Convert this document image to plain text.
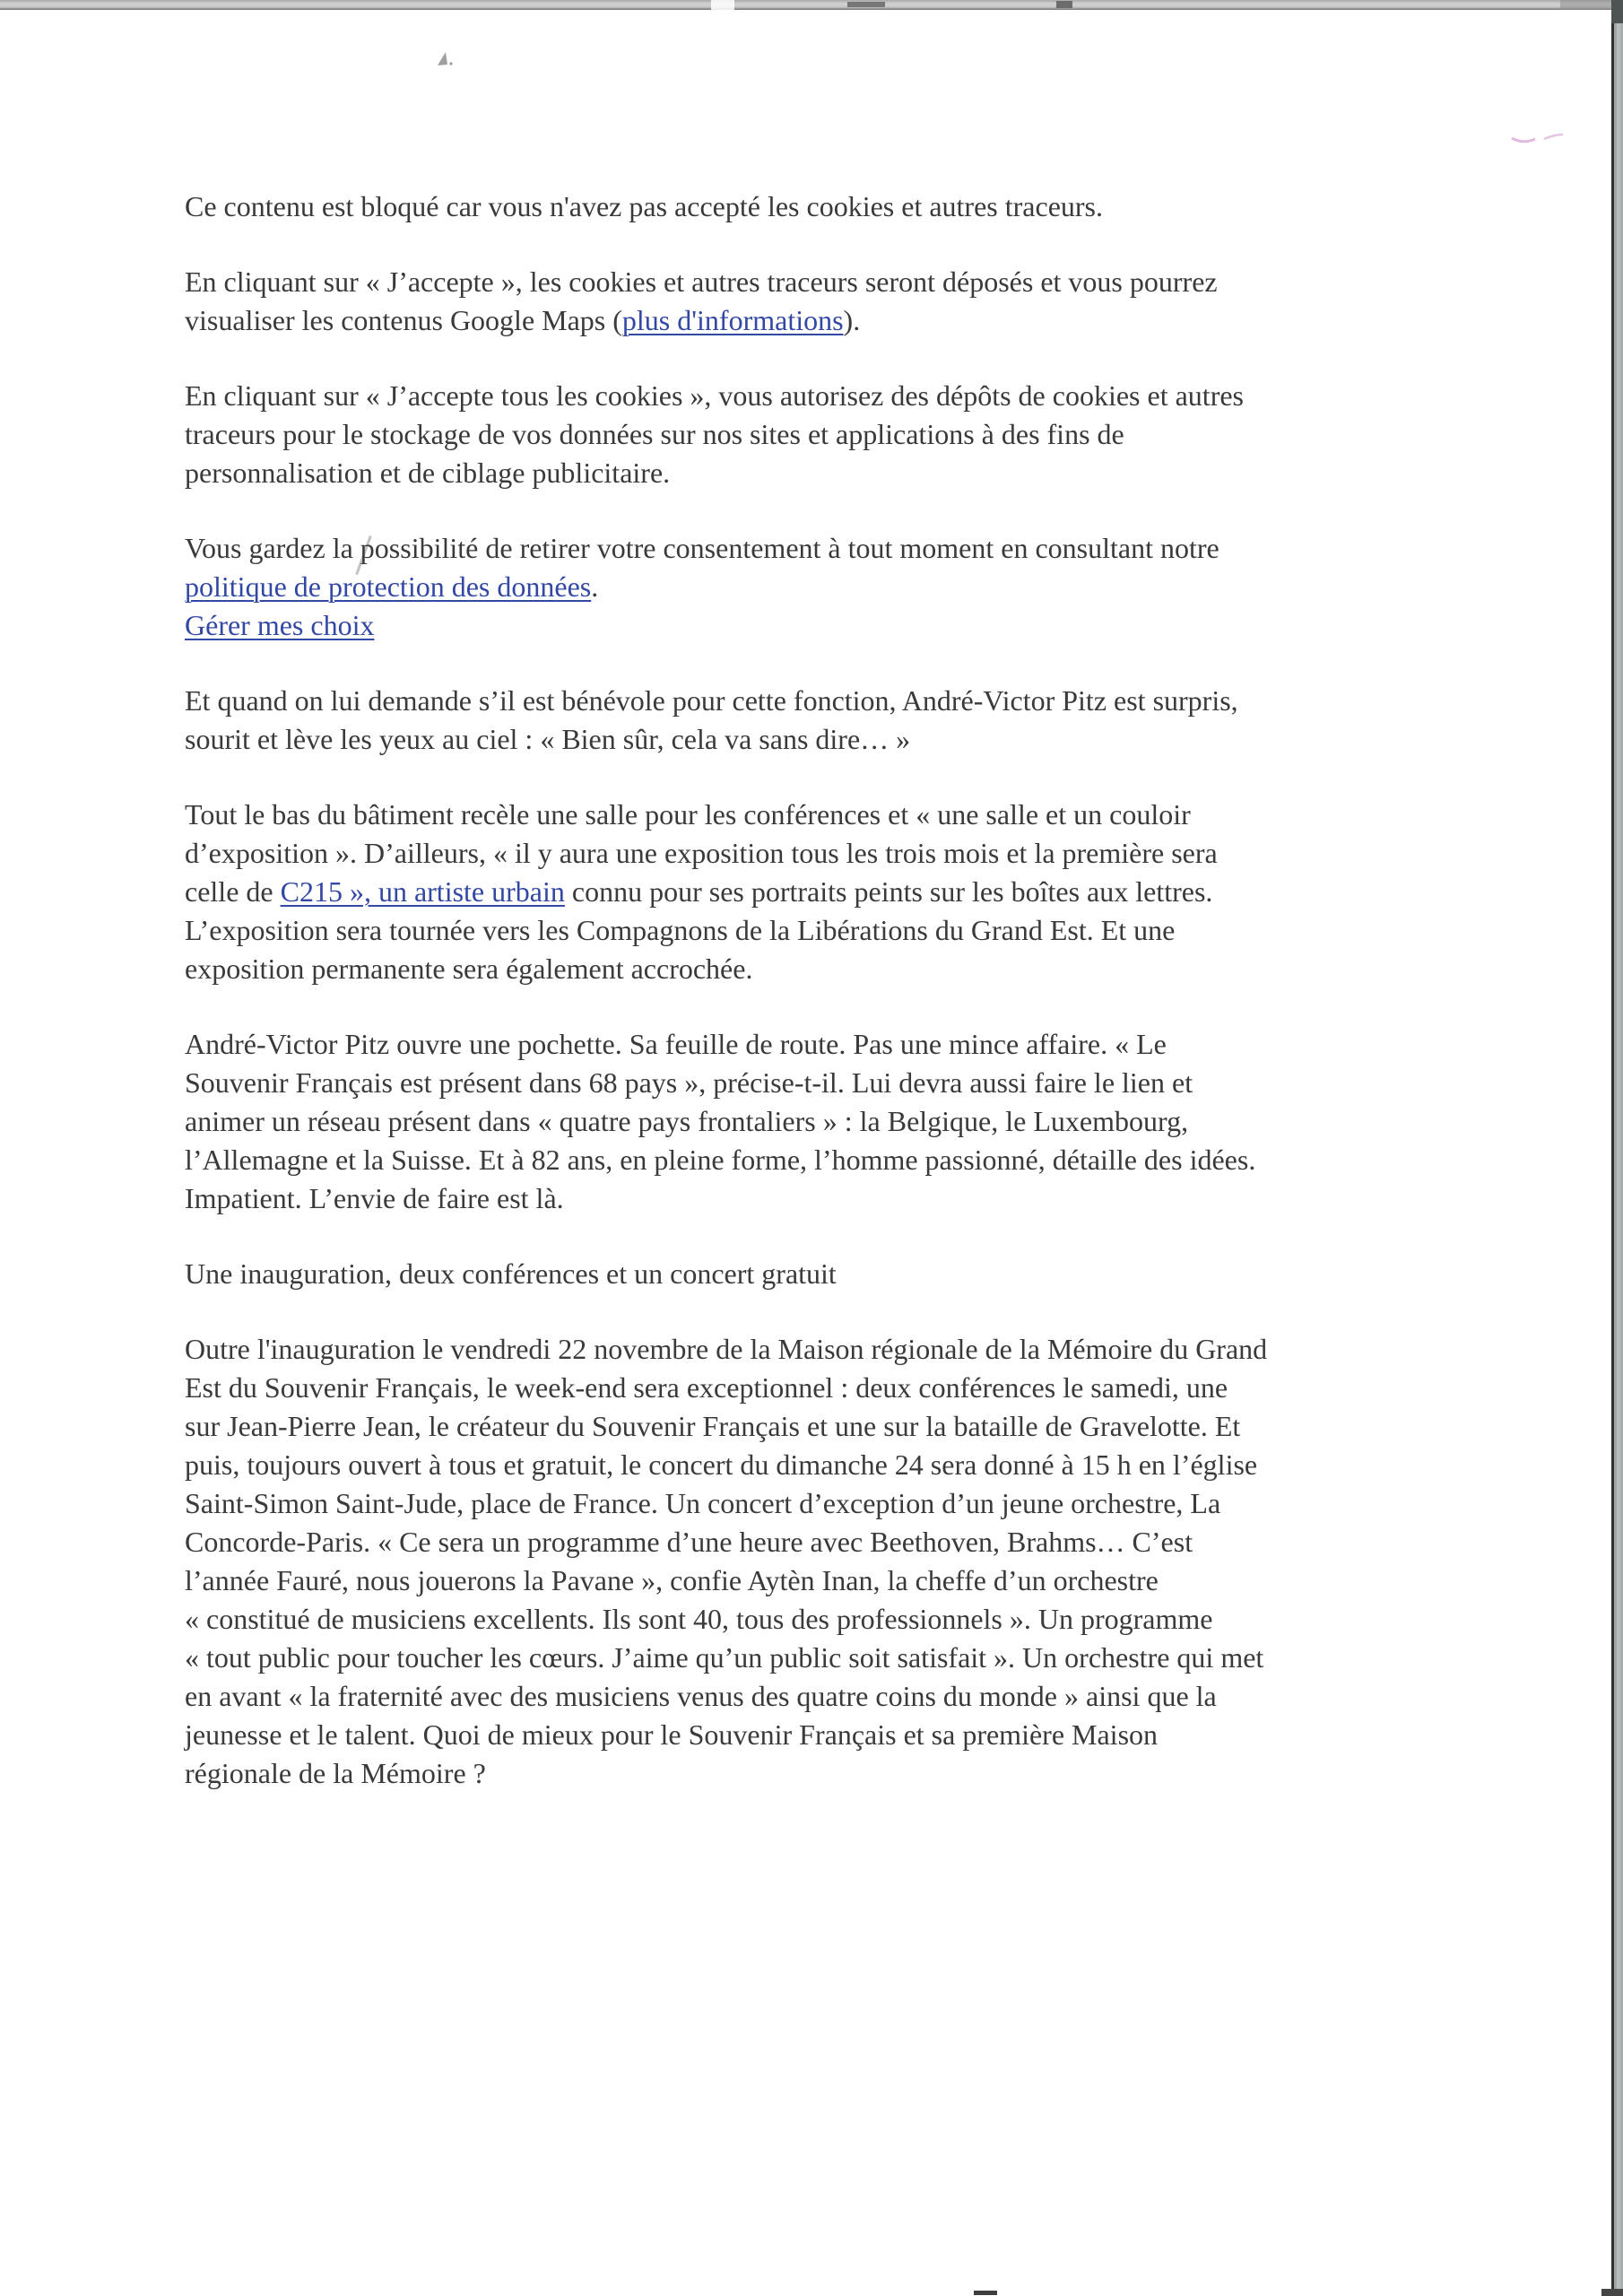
Ce contenu est bloqué car vous n'avez pas accepté les cookies et autres traceurs.

En cliquant sur « J’accepte », les cookies et autres traceurs seront déposés et vous pourrez
visualiser les contenus Google Maps (plus d'informations).

En cliquant sur « J’accepte tous les cookies », vous autorisez des dépôts de cookies et autres
traceurs pour le stockage de vos données sur nos sites et applications à des fins de
personnalisation et de ciblage publicitaire.

Vous gardez la possibilité de retirer votre consentement à tout moment en consultant notre
politique de protection des données.
Gérer mes choix

Et quand on lui demande s’il est bénévole pour cette fonction, André-Victor Pitz est surpris,
sourit et lève les yeux au ciel : « Bien sûr, cela va sans dire… »

Tout le bas du bâtiment recèle une salle pour les conférences et « une salle et un couloir
d’exposition ». D’ailleurs, « il y aura une exposition tous les trois mois et la première sera
celle de C215 », un artiste urbain connu pour ses portraits peints sur les boîtes aux lettres.
L’exposition sera tournée vers les Compagnons de la Libérations du Grand Est. Et une
exposition permanente sera également accrochée.

André-Victor Pitz ouvre une pochette. Sa feuille de route. Pas une mince affaire. « Le
Souvenir Français est présent dans 68 pays », précise-t-il. Lui devra aussi faire le lien et
animer un réseau présent dans « quatre pays frontaliers » : la Belgique, le Luxembourg,
l’Allemagne et la Suisse. Et à 82 ans, en pleine forme, l’homme passionné, détaille des idées.
Impatient. L’envie de faire est là.

Une inauguration, deux conférences et un concert gratuit

Outre l'inauguration le vendredi 22 novembre de la Maison régionale de la Mémoire du Grand
Est du Souvenir Français, le week-end sera exceptionnel : deux conférences le samedi, une
sur Jean-Pierre Jean, le créateur du Souvenir Français et une sur la bataille de Gravelotte. Et
puis, toujours ouvert à tous et gratuit, le concert du dimanche 24 sera donné à 15 h en l’église
Saint-Simon Saint-Jude, place de France. Un concert d’exception d’un jeune orchestre, La
Concorde-Paris. « Ce sera un programme d’une heure avec Beethoven, Brahms… C’est
l’année Fauré, nous jouerons la Pavane », confie Aytèn Inan, la cheffe d’un orchestre
« constitué de musiciens excellents. Ils sont 40, tous des professionnels ». Un programme
« tout public pour toucher les cœurs. J’aime qu’un public soit satisfait ». Un orchestre qui met
en avant « la fraternité avec des musiciens venus des quatre coins du monde » ainsi que la
jeunesse et le talent. Quoi de mieux pour le Souvenir Français et sa première Maison
régionale de la Mémoire ?
